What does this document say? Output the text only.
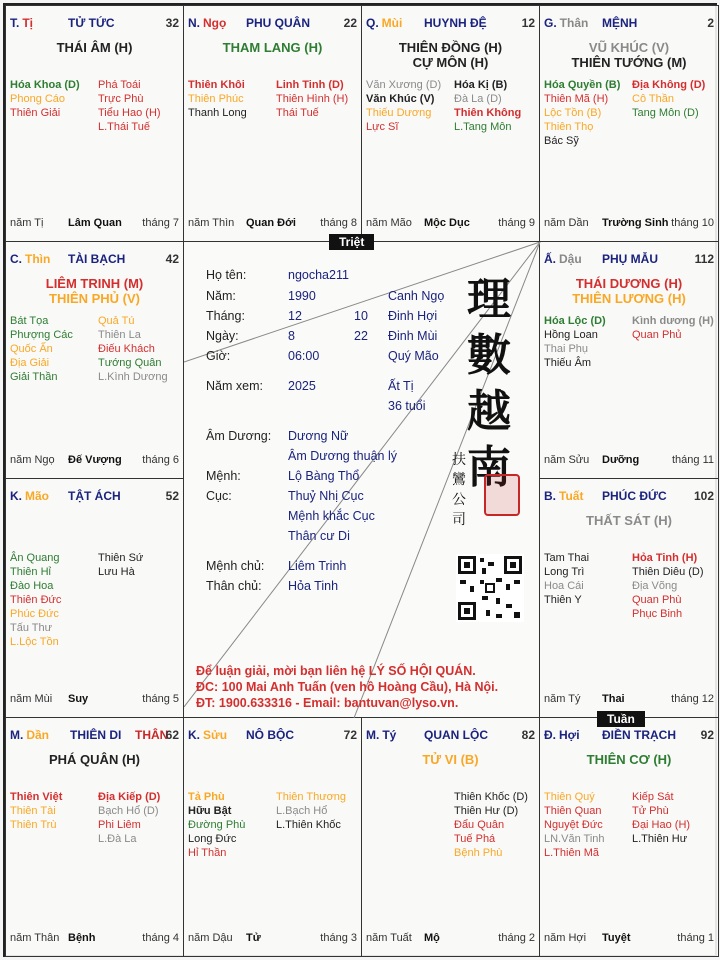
T. Tị	TỬ TỨC	32
THÁI ÂM (H)
Hóa Khoa (D)
Phong Cáo
Thiên Giải
Phá Toái
Trực Phù
Tiểu Hao (H)
L.Thái Tuế
năm Tị Lâm Quan tháng 7
N. Ngọ PHU QUÂN	22
THAM LANG (H)
Thiên Khôi
Thiên Phúc
Thanh Long
Linh Tinh (D)
Thiên Hình (H)
Thái Tuế
năm Thìn Quan Đới tháng 8
Q. Mùi HUYNH ĐỆ	12
THIÊN ĐỒNG (H)
CỰ MÔN (H)
Văn Xương (D)
Văn Khúc (V)
Thiếu Dương
Lực Sĩ
Hóa Kị (B)
Đà La (D)
Thiên Không
L.Tang Môn
năm Mão Mộc Dục	tháng 9
G. Thân MỆNH	2
VŨ KHÚC (V)
THIÊN TƯỚNG (M)
Hóa Quyền (B)
Thiên Mã (H)
Lộc Tồn (B)
Thiên Thọ
Bác Sỹ
Địa Không (D)
Cô Thần
Tang Môn (D)
năm Dần Trường Sinh tháng 10
C. Thìn TÀI BẠCH	42
LIÊM TRINH (M)
THIÊN PHỦ (V)
Bát Tọa
Phượng Các
Quốc Ấn
Địa Giải
Giải Thần
Quả Tú
Thiên La
Điếu Khách
Tướng Quân
L.Kình Dương
năm Ngọ Đế Vượng tháng 6
Ấ. Dậu PHỤ MẪU	112
THÁI DƯƠNG (H)
THIÊN LƯƠNG (H)
Hóa Lộc (D)
Hồng Loan
Thai Phụ
Thiếu Âm
Kình dương (H)
Quan Phủ
năm Sửu Dưỡng	tháng 11
K. Mão TẬT ÁCH	52
Ân Quang
Thiên Hỉ
Đào Hoa
Thiên Đức
Phúc Đức
Tấu Thư
L.Lộc Tồn
Thiên Sứ
Lưu Hà
năm Mùi Suy	tháng 5
B. Tuất PHÚC ĐỨC 102
THẤT SÁT (H)
Tam Thai
Long Trì
Hoa Cái
Thiên Y
Hỏa Tinh (H)
Thiên Diêu (D)
Địa Võng
Quan Phù
Phục Binh
năm Tý Thai	tháng 12
M. Dần THIÊN DI THÂN
62
PHÁ QUÂN (H)
Thiên Việt
Thiên Tài
Thiên Trù
Địa Kiếp (D)
Bạch Hổ (D)
Phi Liêm
L.Đà La
năm Thân Bệnh	tháng 4
K. Sửu NÔ BỘC	72
Tả Phù
Hữu Bật
Đường Phù
Long Đức
Hỉ Thần
Thiên Thương
L.Bạch Hổ
L.Thiên Khốc
năm Dậu Tử	tháng 3
M. Tý QUAN LỘC	82
TỬ VI (B)
Thiên Khốc (D)
Thiên Hư (D)
Đẩu Quân
Tuế Phá
Bệnh Phù
năm Tuất Mộ	tháng 2
Đ. Hợi ĐIỀN TRẠCH 92
THIÊN CƠ (H)
Thiên Quý
Thiên Quan
Nguyệt Đức
LN.Văn Tinh
L.Thiên Mã
Kiếp Sát
Tử Phù
Đại Hao (H)
L.Thiên Hư
năm Hợi Tuyệt	tháng 1
Họ tên:	ngocha211
Năm:	1990	Canh Ngọ
Tháng:	12	10 Đinh Hợi
Ngày:	8	22 Đinh Mùi
Giờ:	06:00	Quý Mão
Năm xem: 2025	Ất Tị
36 tuổi
Âm Dương: Dương Nữ
Âm Dương thuận lý
Mệnh:	Lộ Bàng Thổ
Cục:	Thuỷ Nhị Cục
Mệnh khắc Cục
Thân cư Di
Mệnh chủ: Liêm Trinh
Thân chủ: Hỏa Tinh
理
數
越
南
扶 鸞 公 司
Để luận giải, mời bạn liên hệ LÝ SỐ HỘI QUÁN.
ĐC: 100 Mai Anh Tuấn (ven hồ Hoàng Cầu), Hà Nội.
ĐT: 1900.633316 - Email: bantuvan@lyso.vn.
Triệt
Tuần
